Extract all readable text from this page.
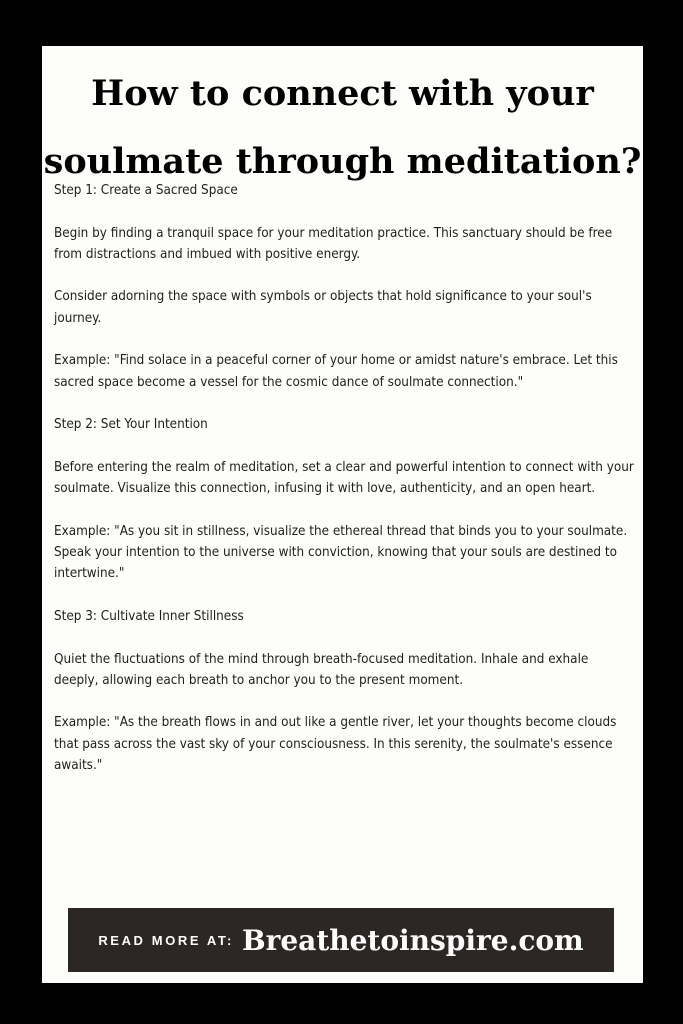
How to connect with your soulmate through meditation?

Step 1: Create a Sacred Space

Begin by finding a tranquil space for your meditation practice. This sanctuary should be free from distractions and imbued with positive energy.

Consider adorning the space with symbols or objects that hold significance to your soul's journey.

Example: "Find solace in a peaceful corner of your home or amidst nature's embrace. Let this sacred space become a vessel for the cosmic dance of soulmate connection."

Step 2: Set Your Intention

Before entering the realm of meditation, set a clear and powerful intention to connect with your soulmate. Visualize this connection, infusing it with love, authenticity, and an open heart.

Example: "As you sit in stillness, visualize the ethereal thread that binds you to your soulmate. Speak your intention to the universe with conviction, knowing that your souls are destined to intertwine."

Step 3: Cultivate Inner Stillness

Quiet the fluctuations of the mind through breath-focused meditation. Inhale and exhale deeply, allowing each breath to anchor you to the present moment.

Example: "As the breath flows in and out like a gentle river, let your thoughts become clouds that pass across the vast sky of your consciousness. In this serenity, the soulmate's essence awaits."

READ MORE AT: Breathetoinspire.com
